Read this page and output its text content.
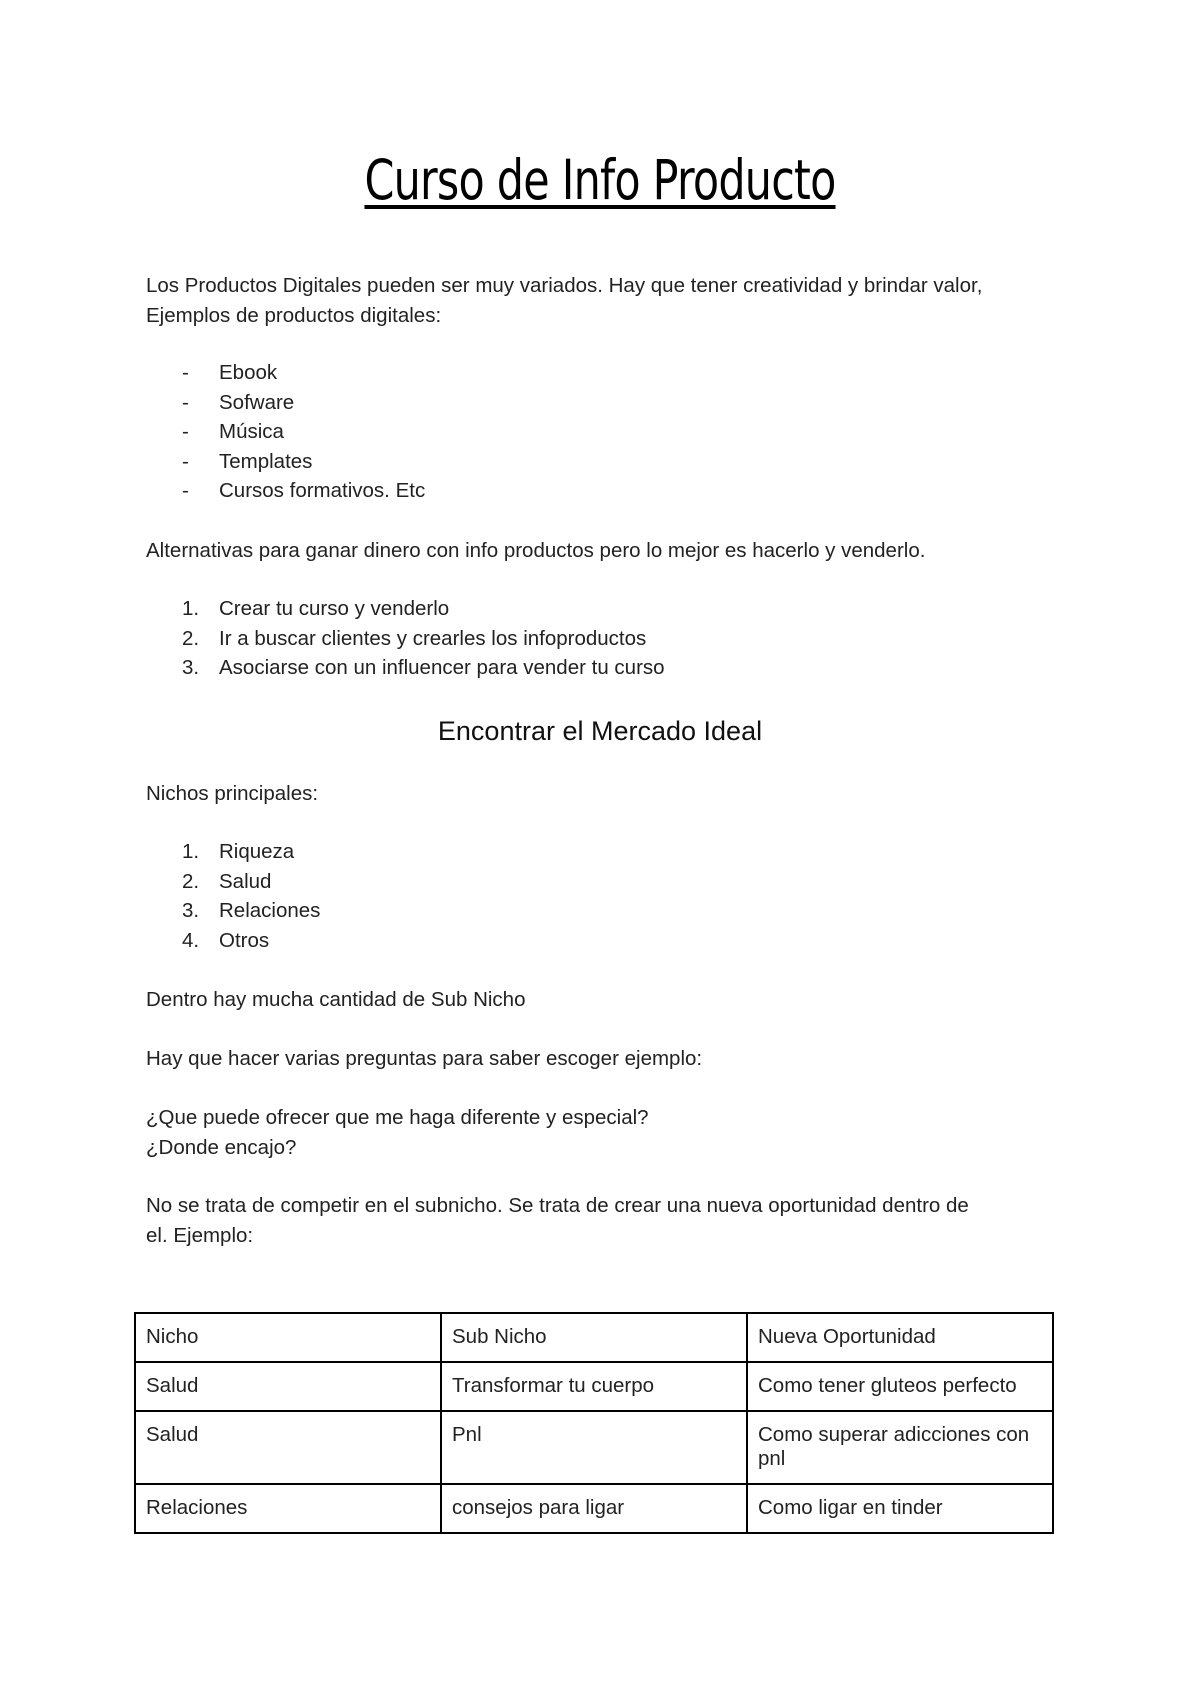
Curso de Info Producto

Los Productos Digitales pueden ser muy variados. Hay que tener creatividad y brindar valor,
Ejemplos de productos digitales:

-	Ebook
-	Sofware
-	Música
-	Templates
-	Cursos formativos. Etc

Alternativas para ganar dinero con info productos pero lo mejor es hacerlo y venderlo.

1. Crear tu curso y venderlo
2. Ir a buscar clientes y crearles los infoproductos
3. Asociarse con un influencer para vender tu curso
Encontrar el Mercado Ideal

Nichos principales:

1. Riqueza
2. Salud
3. Relaciones
4. Otros

Dentro hay mucha cantidad de Sub Nicho

Hay que hacer varias preguntas para saber escoger ejemplo:

¿Que puede ofrecer que me haga diferente y especial?
¿Donde encajo?

No se trata de competir en el subnicho. Se trata de crear una nueva oportunidad dentro de
el. Ejemplo:

Nicho	Sub Nicho	Nueva Oportunidad
Salud	Transformar tu cuerpo	Como tener gluteos perfecto
Salud	Pnl	Como superar adicciones con pnl
Relaciones	consejos para ligar	Como ligar en tinder
